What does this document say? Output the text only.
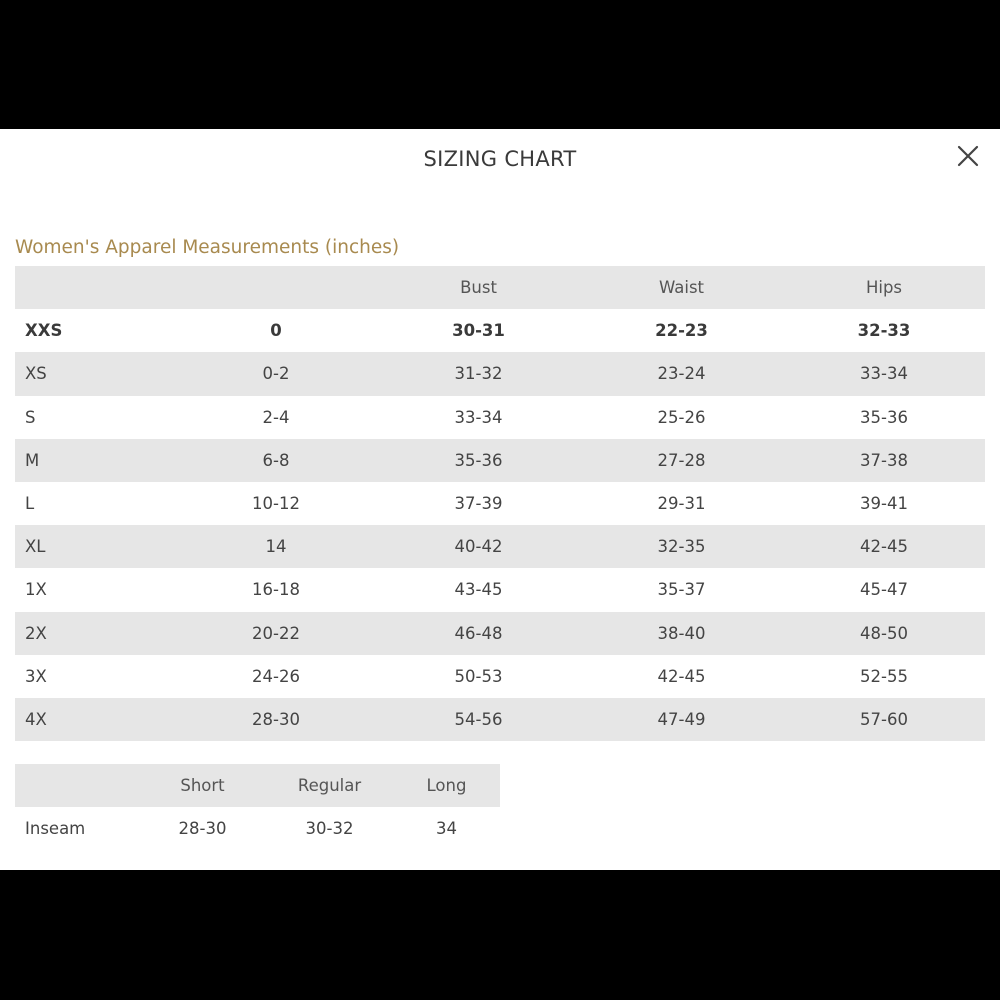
SIZING CHART
Women's Apparel Measurements (inches)
		Bust	Waist	Hips
XXS	0	30-31	22-23	32-33
XS	0-2	31-32	23-24	33-34
S	2-4	33-34	25-26	35-36
M	6-8	35-36	27-28	37-38
L	10-12	37-39	29-31	39-41
XL	14	40-42	32-35	42-45
1X	16-18	43-45	35-37	45-47
2X	20-22	46-48	38-40	48-50
3X	24-26	50-53	42-45	52-55
4X	28-30	54-56	47-49	57-60
	Short	Regular	Long
Inseam	28-30	30-32	34
